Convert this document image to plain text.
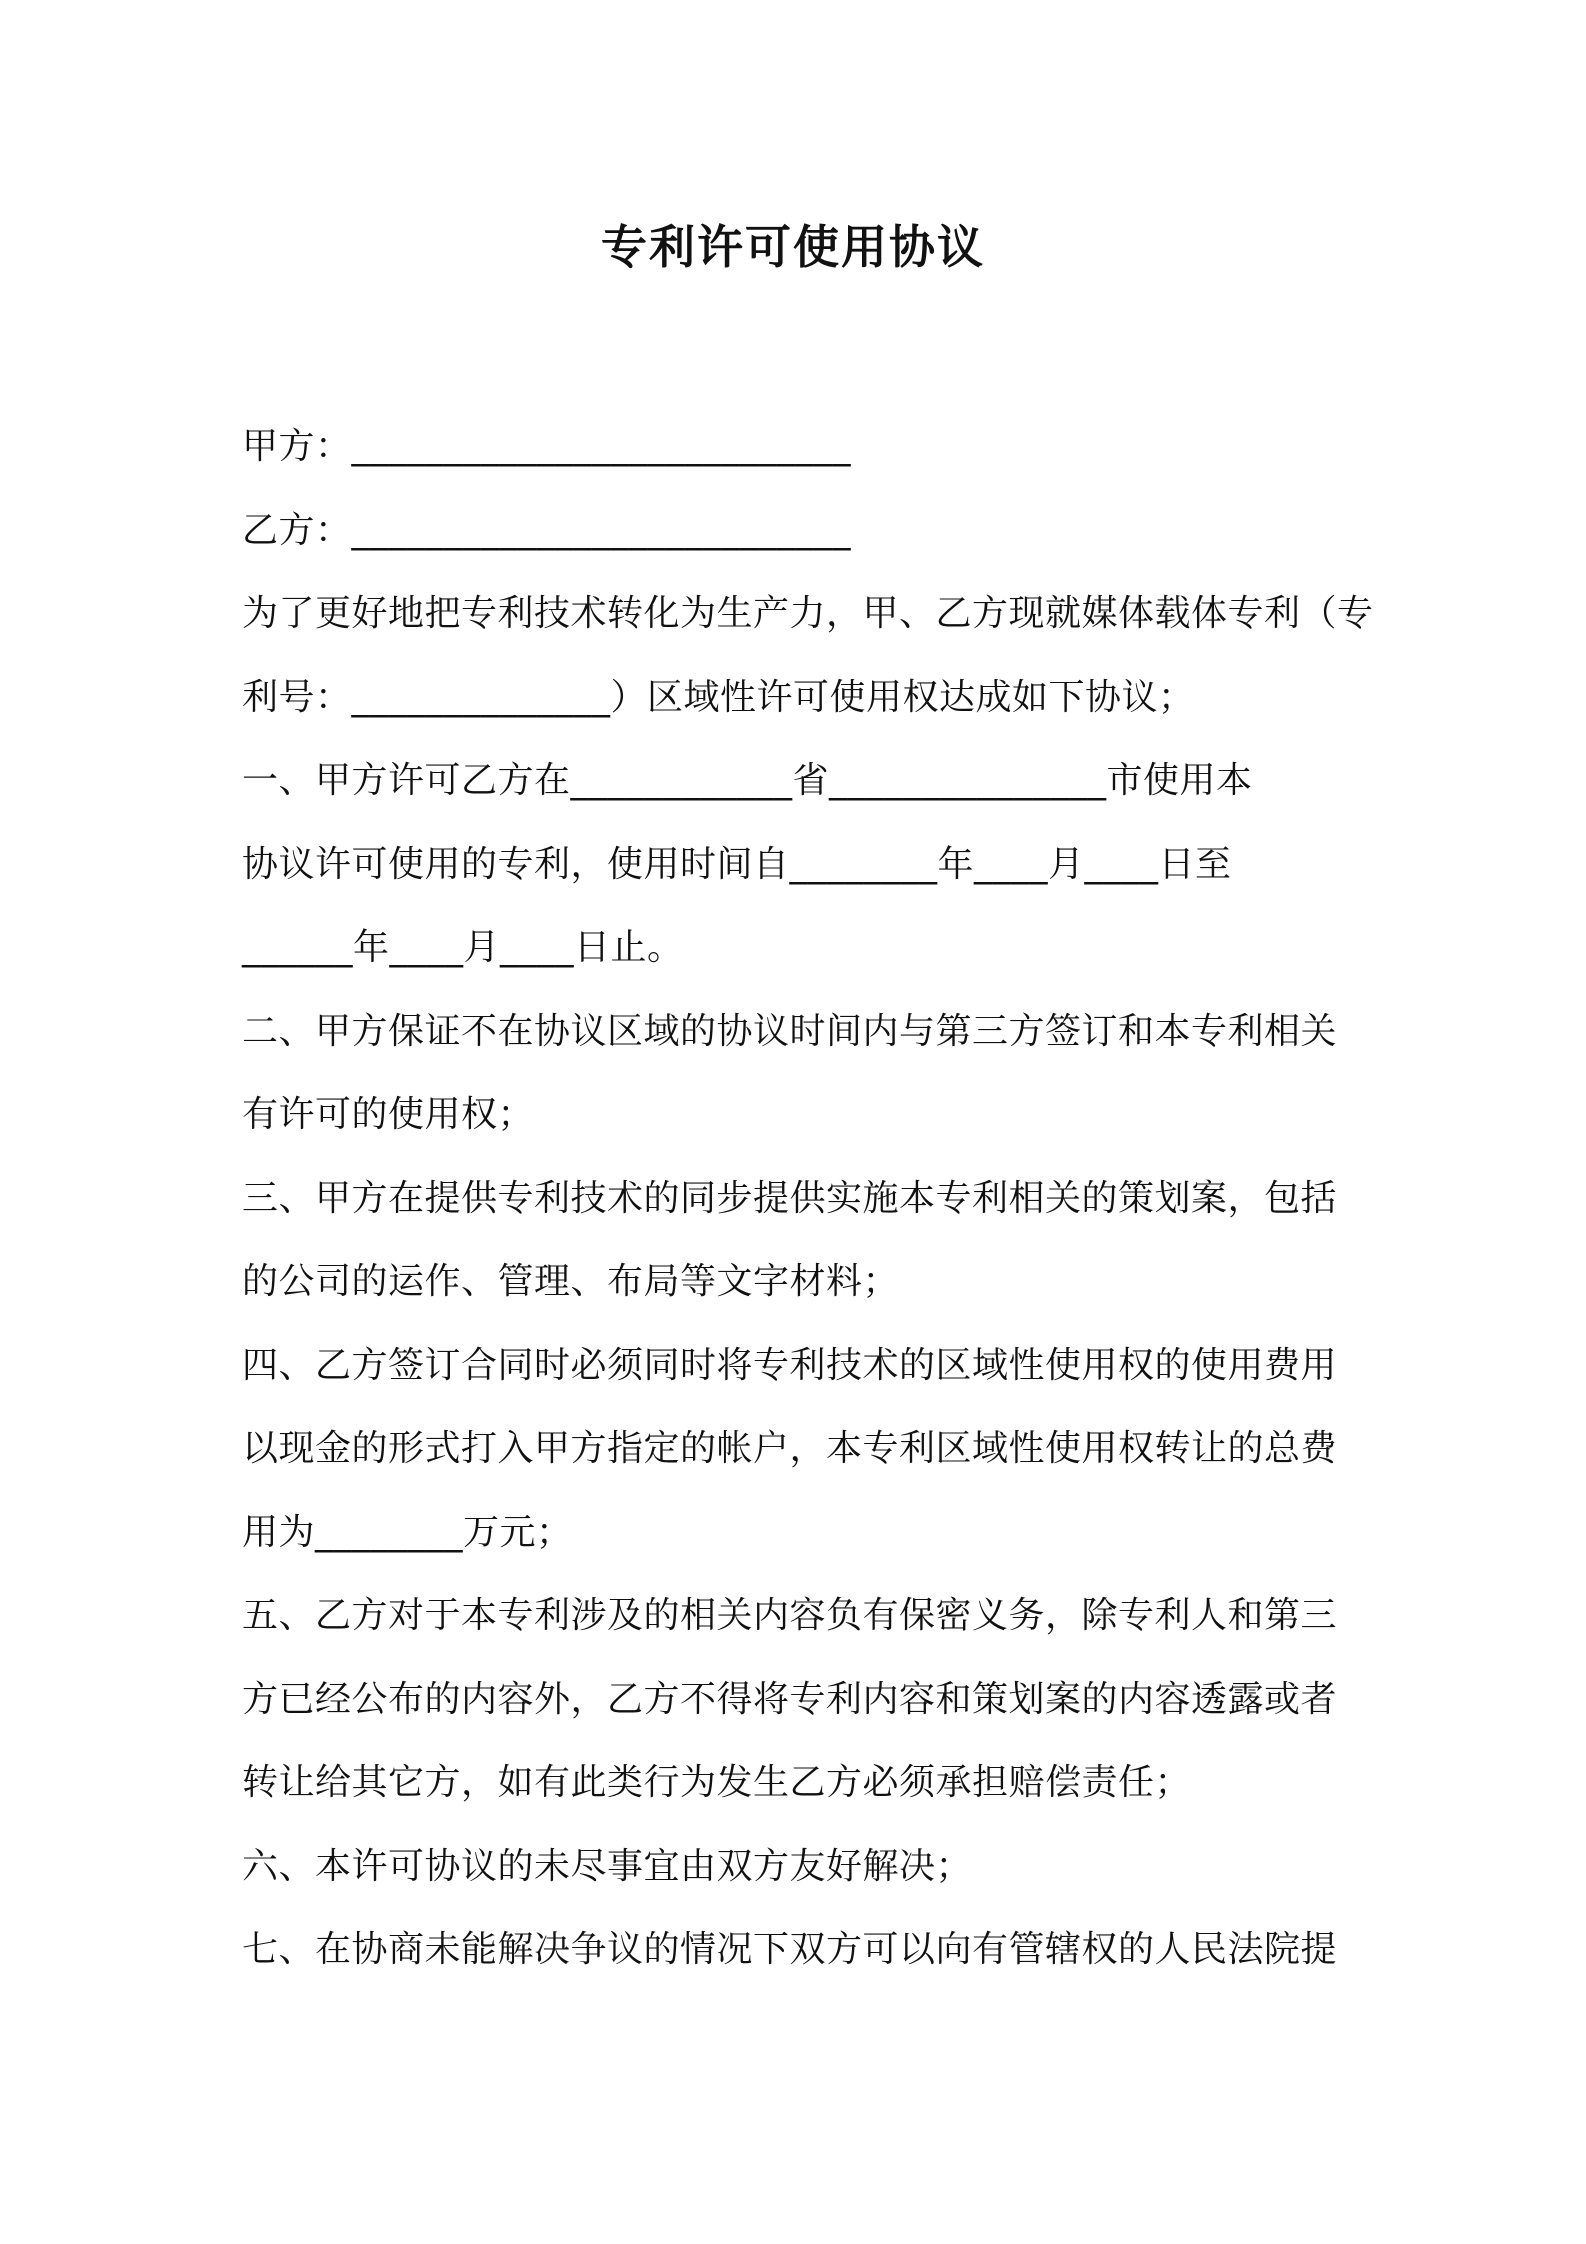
专利许可使用协议
甲方：___________________________
乙方：___________________________
为了更好地把专利技术转化为生产力，甲、乙方现就媒体载体专利（专
利号：______________）区域性许可使用权达成如下协议；
一、甲方许可乙方在____________省_______________市使用本
协议许可使用的专利，使用时间自________年____月____日至
______年____月____日止。
二、甲方保证不在协议区域的协议时间内与第三方签订和本专利相关
有许可的使用权；
三、甲方在提供专利技术的同步提供实施本专利相关的策划案，包括
的公司的运作、管理、布局等文字材料；
四、乙方签订合同时必须同时将专利技术的区域性使用权的使用费用
以现金的形式打入甲方指定的帐户，本专利区域性使用权转让的总费
用为________万元；
五、乙方对于本专利涉及的相关内容负有保密义务，除专利人和第三
方已经公布的内容外，乙方不得将专利内容和策划案的内容透露或者
转让给其它方，如有此类行为发生乙方必须承担赔偿责任；
六、本许可协议的未尽事宜由双方友好解决；
七、在协商未能解决争议的情况下双方可以向有管辖权的人民法院提
